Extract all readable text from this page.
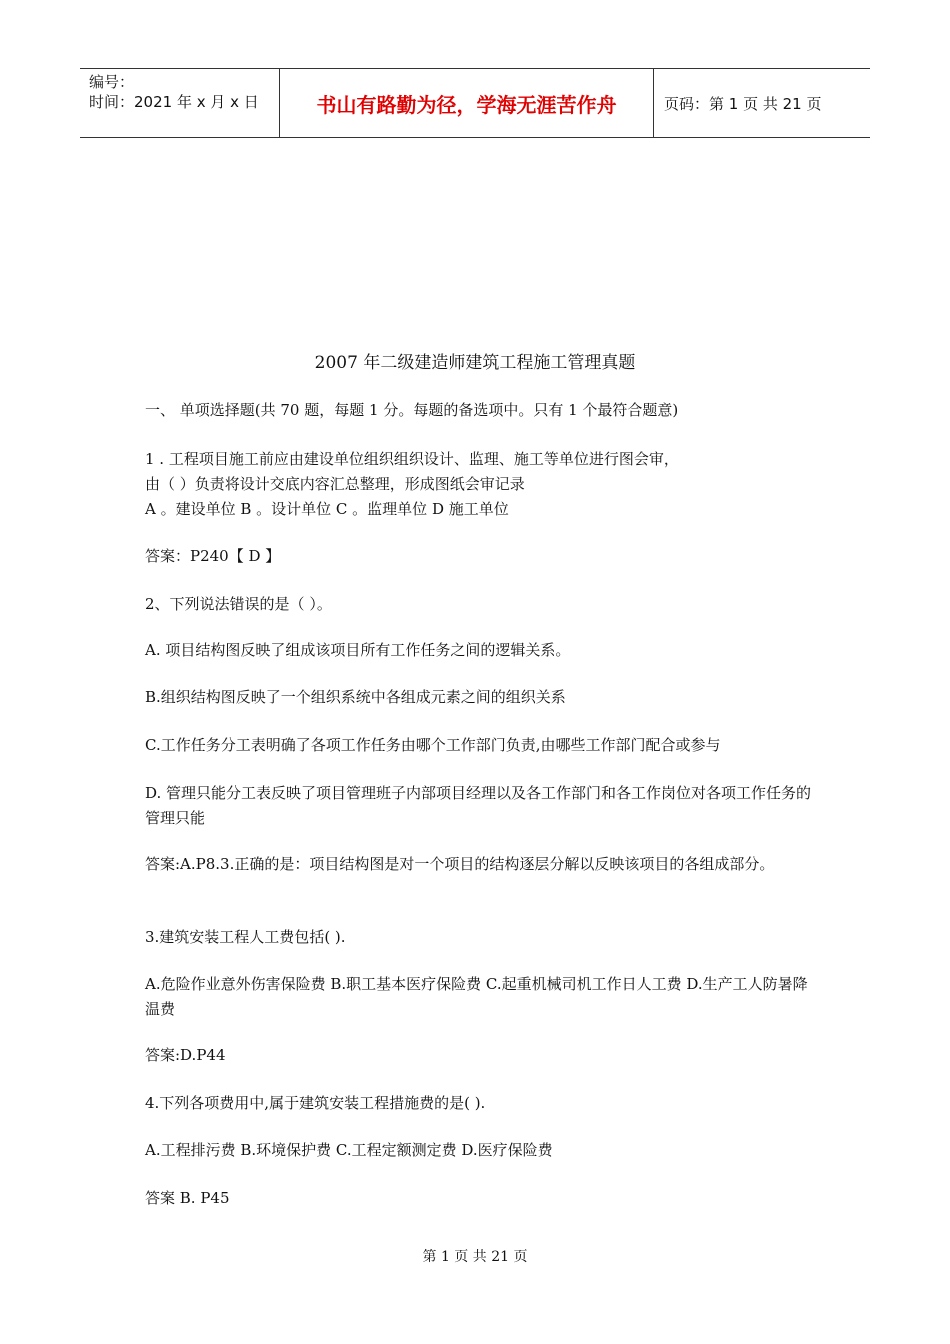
编号：
时间：2021 年 x 月 x 日	书山有路勤为径，学海无涯苦作舟	页码：第 1 页 共 21 页
2007 年二级建造师建筑工程施工管理真题
一、 单项选择题(共 70 题，每题 1 分。每题的备选项中。只有 1 个最符合题意)
1 . 工程项目施工前应由建设单位组织组织设计、监理、施工等单位进行图会审，
由（ ）负责将设计交底内容汇总整理，形成图纸会审记录
A 。建设单位 B 。设计单位 C 。监理单位 D 施工单位
答案：P240【 D 】
2、下列说法错误的是（ ）。
A. 项目结构图反映了组成该项目所有工作任务之间的逻辑关系。
B.组织结构图反映了一个组织系统中各组成元素之间的组织关系
C.工作任务分工表明确了各项工作任务由哪个工作部门负责,由哪些工作部门配合或参与
D. 管理只能分工表反映了项目管理班子内部项目经理以及各工作部门和各工作岗位对各项工作任务的管理只能
答案:A.P8.3.正确的是：项目结构图是对一个项目的结构逐层分解以反映该项目的各组成部分。
3.建筑安装工程人工费包括( ).
A.危险作业意外伤害保险费 B.职工基本医疗保险费 C.起重机械司机工作日人工费 D.生产工人防暑降温费
答案:D.P44
4.下列各项费用中,属于建筑安装工程措施费的是( ).
A.工程排污费 B.环境保护费 C.工程定额测定费 D.医疗保险费
答案 B. P45
第 1 页 共 21 页
